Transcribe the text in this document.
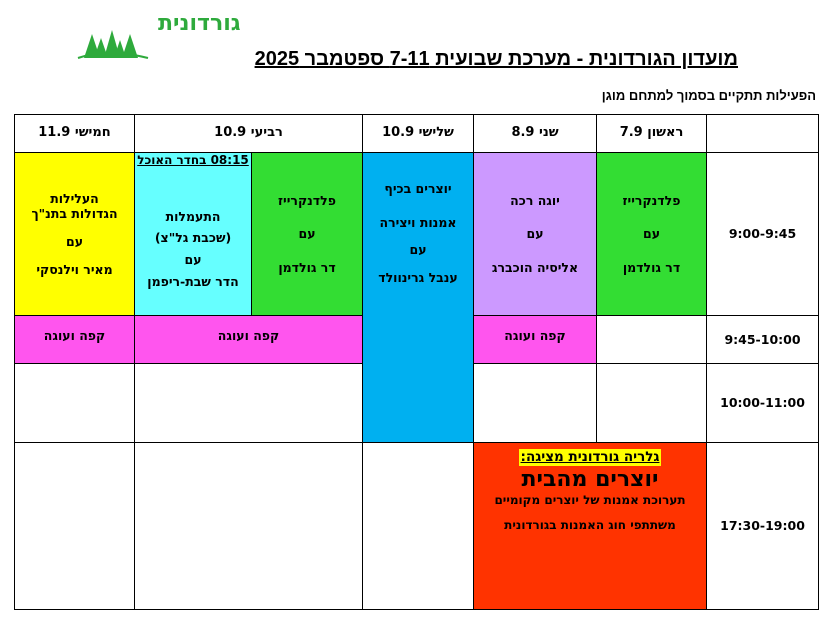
גורדונית
מועדון הגורדונית - מערכת שבועית 7-11 ספטמבר 2025
הפעילות תתקיים בסמוך למתחם מוגן
ראשון 7.9
שני 8.9
שלישי 10.9
רביעי 10.9
חמישי 11.9
9:00-9:45
9:45-10:00
10:00-11:00
17:30-19:00
פלדנקרייז
עם
דר גולדמן
יוגה רכה
עם
אליסיה הוכברג
יוצרים בכיף
אמנות ויצירה
עם
ענבל גרינוולד
פלדנקרייז
עם
דר גולדמן
08:15 בחדר האוכל
התעמלות
(שכבת גל"צ)
עם
הדר שבת-ריפמן
העלילות
הגדולות בתנ"ך
עם
מאיר וילנסקי
קפה ועוגה
קפה ועוגה
קפה ועוגה
גלריה גורדונית מציגה:
יוצרים מהבית
תערוכת אמנות של יוצרים מקומיים
משתתפי חוג האמנות בגורדונית
